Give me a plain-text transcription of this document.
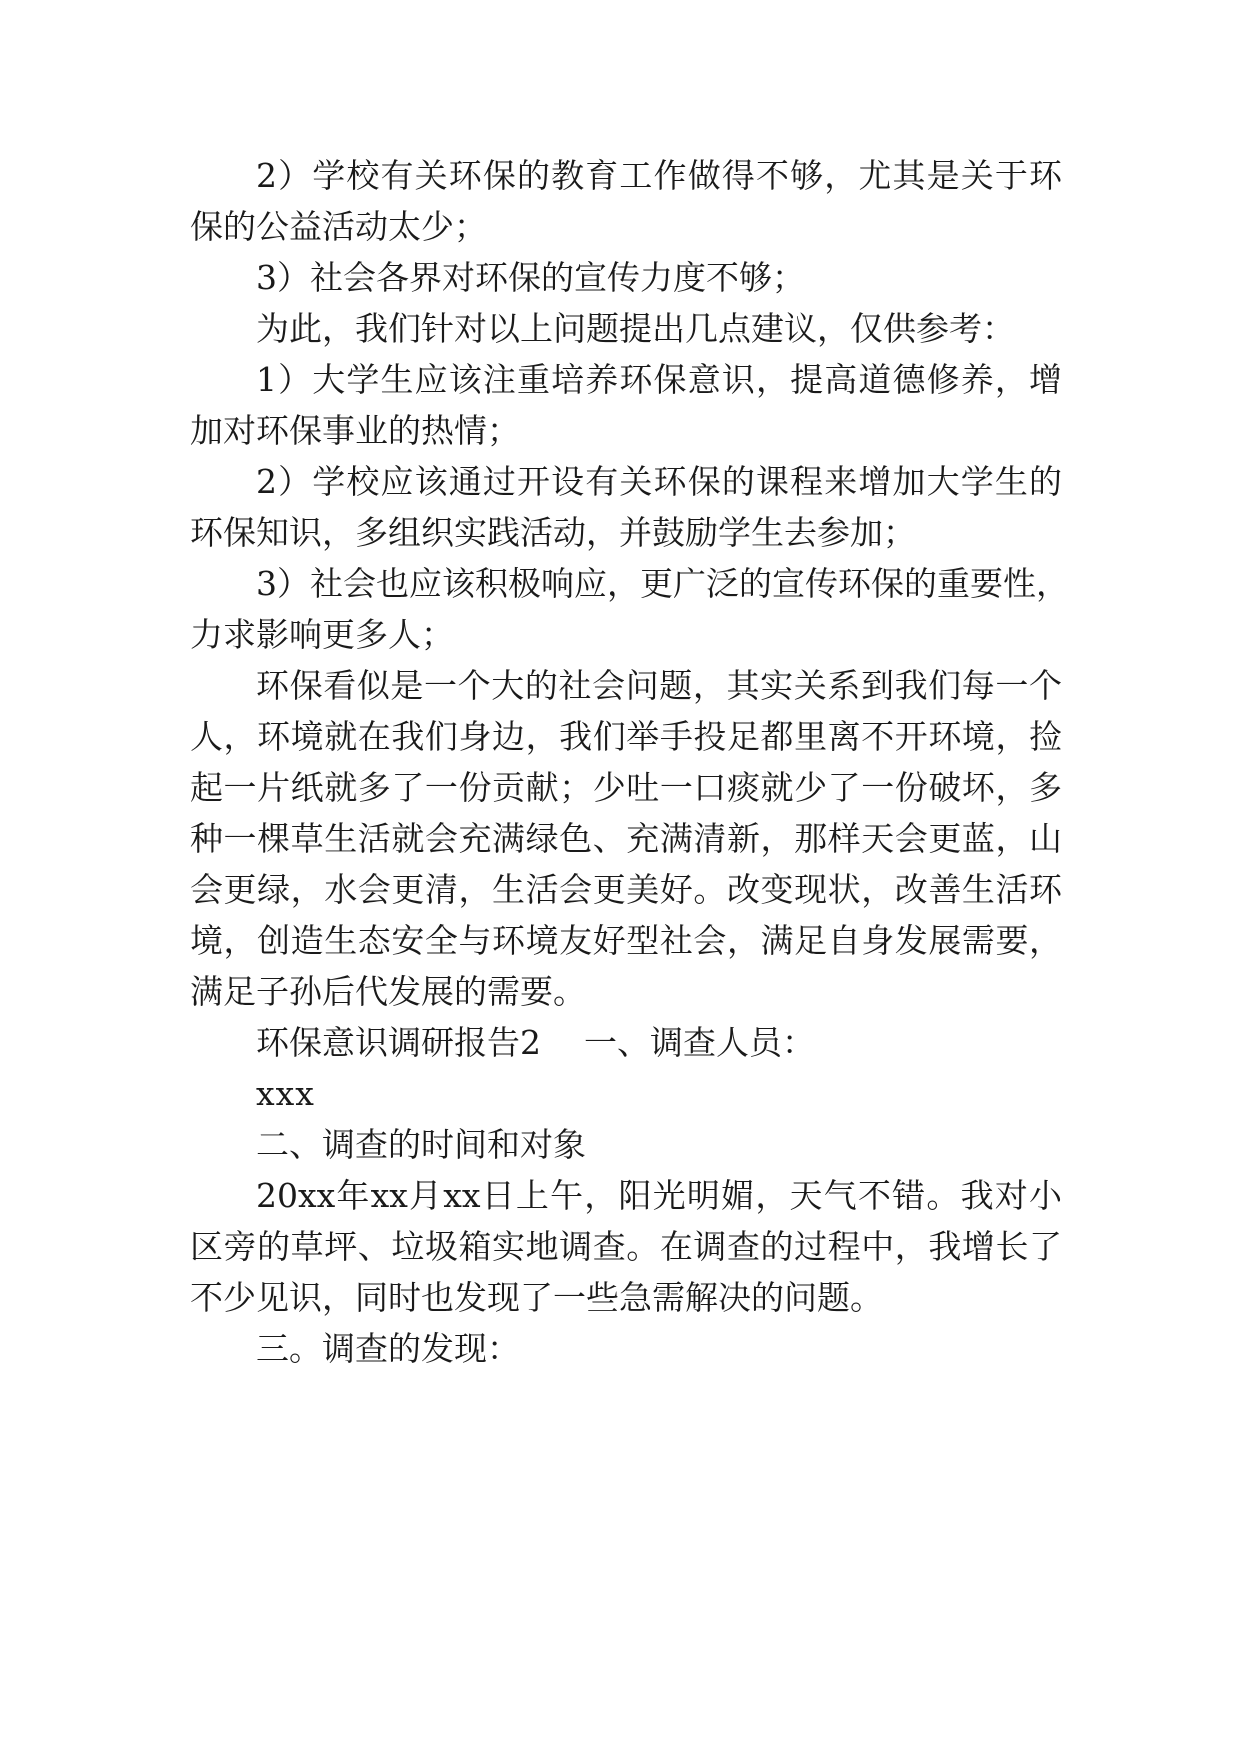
2）学校有关环保的教育工作做得不够，尤其是关于环
保的公益活动太少；
3）社会各界对环保的宣传力度不够；
为此，我们针对以上问题提出几点建议，仅供参考：
1）大学生应该注重培养环保意识，提高道德修养，增
加对环保事业的热情；
2）学校应该通过开设有关环保的课程来增加大学生的
环保知识，多组织实践活动，并鼓励学生去参加；
3）社会也应该积极响应，更广泛的宣传环保的重要性，
力求影响更多人；
环保看似是一个大的社会问题，其实关系到我们每一个
人，环境就在我们身边，我们举手投足都里离不开环境，捡
起一片纸就多了一份贡献；少吐一口痰就少了一份破坏，多
种一棵草生活就会充满绿色、充满清新，那样天会更蓝，山
会更绿，水会更清，生活会更美好。改变现状，改善生活环
境，创造生态安全与环境友好型社会，满足自身发展需要，
满足子孙后代发展的需要。
环保意识调研报告2 一、调查人员：
xxx
二、调查的时间和对象
20xx年xx月xx日上午，阳光明媚，天气不错。我对小
区旁的草坪、垃圾箱实地调查。在调查的过程中，我增长了
不少见识，同时也发现了一些急需解决的问题。
三。调查的发现：
